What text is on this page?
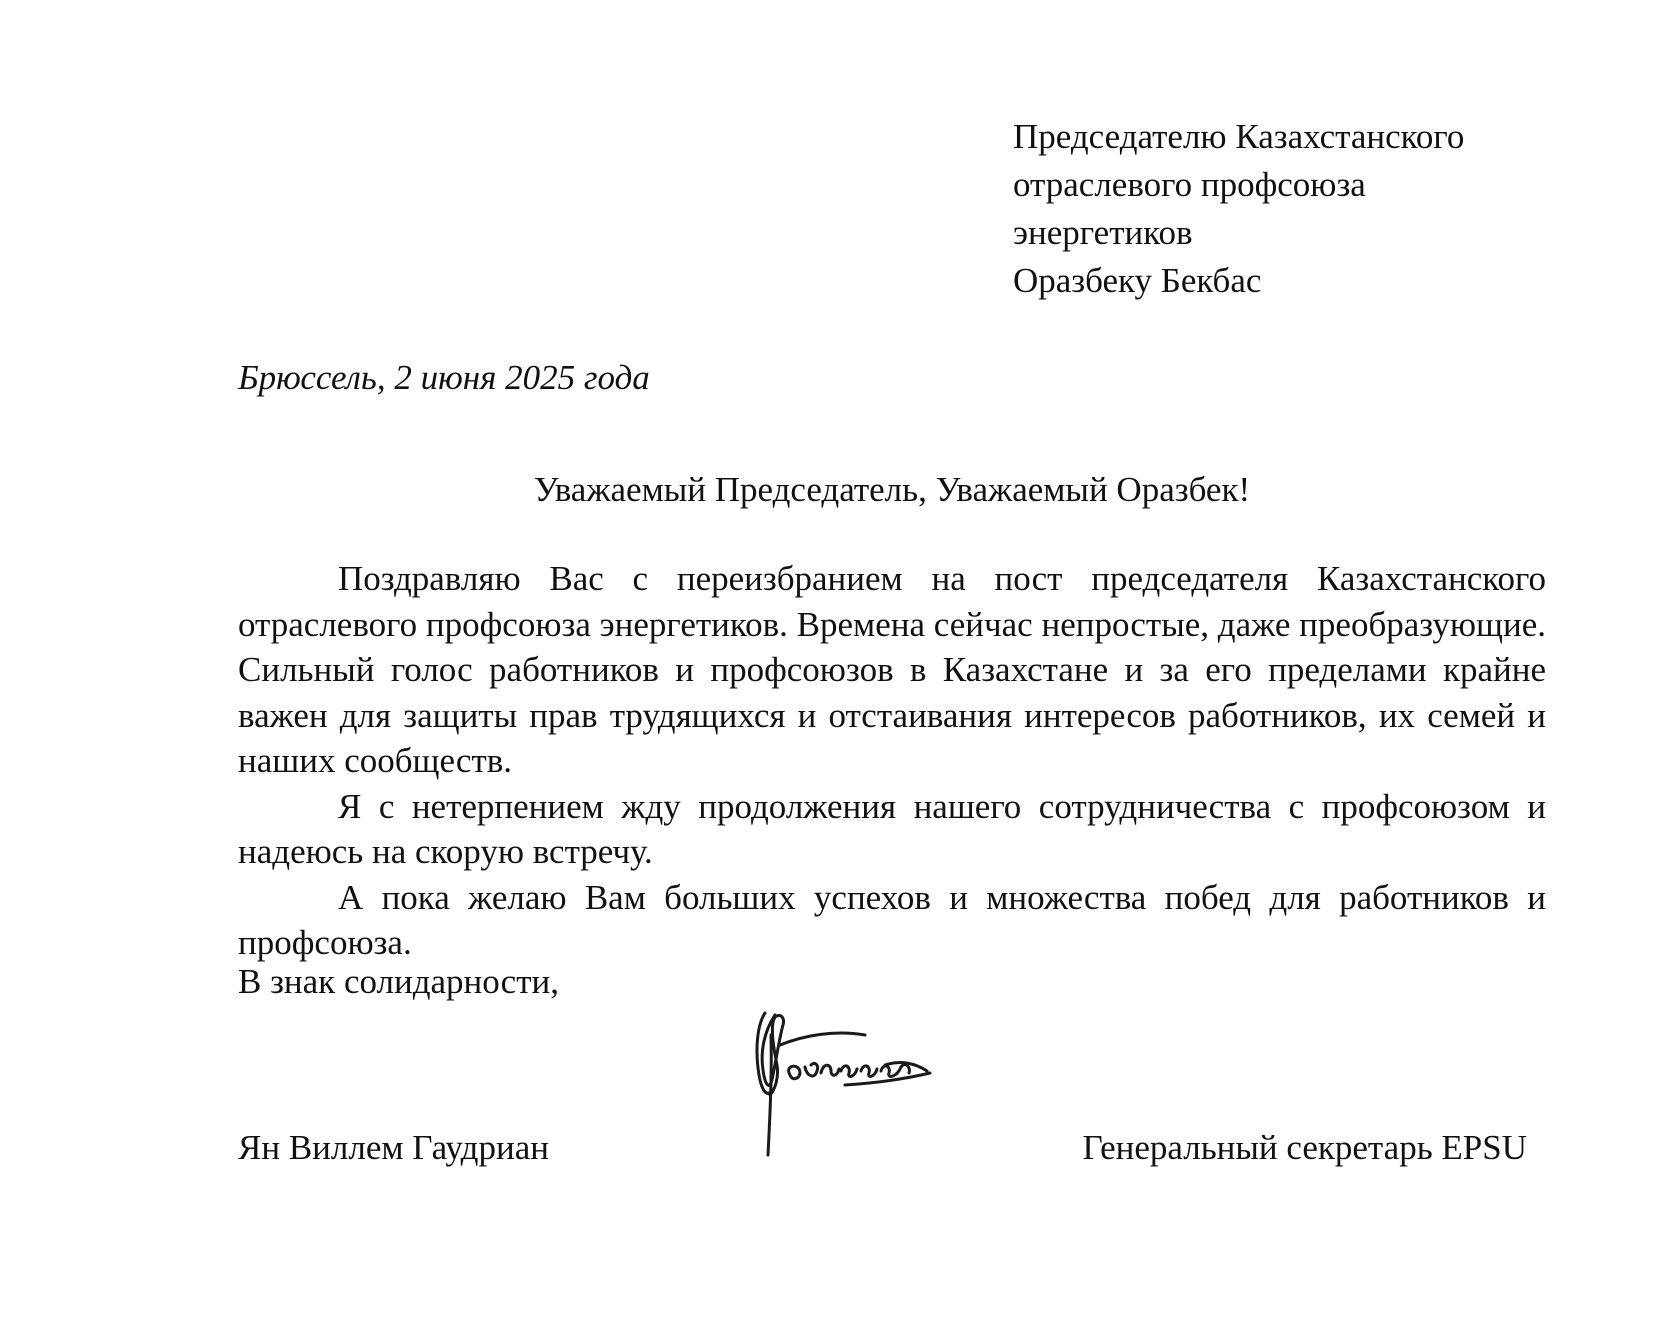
Председателю Казахстанского
отраслевого профсоюза
энергетиков
Оразбеку Бекбас
Брюссель, 2 июня 2025 года
Уважаемый Председатель, Уважаемый Оразбек!

Поздравляю Вас с переизбранием на пост председателя Казахстанского отраслевого профсоюза энергетиков. Времена сейчас непростые, даже преобразующие. Сильный голос работников и профсоюзов в Казахстане и за его пределами крайне важен для защиты прав трудящихся и отстаивания интересов работников, их семей и наших сообществ.

Я с нетерпением жду продолжения нашего сотрудничества с профсоюзом и надеюсь на скорую встречу.

А пока желаю Вам больших успехов и множества побед для работников и профсоюза.

В знак солидарности,
Ян Виллем Гаудриан	Генеральный секретарь EPSU
